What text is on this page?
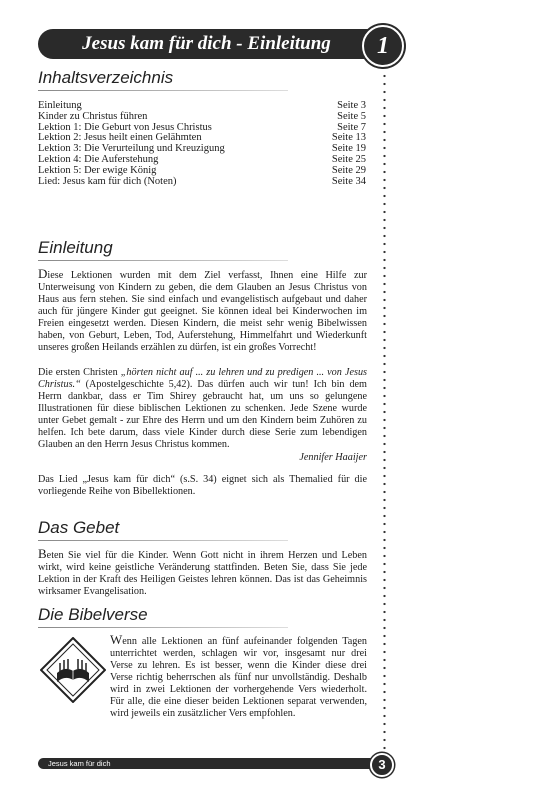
Jesus kam für dich - Einleitung	1
Inhaltsverzeichnis
Einleitung	Seite 3
Kinder zu Christus führen	Seite 5
Lektion 1: Die Geburt von Jesus Christus	Seite 7
Lektion 2: Jesus heilt einen Gelähmten	Seite 13
Lektion 3: Die Verurteilung und Kreuzigung	Seite 19
Lektion 4: Die Auferstehung	Seite 25
Lektion 5: Der ewige König	Seite 29
Lied: Jesus kam für dich (Noten)	Seite 34
Einleitung
Diese Lektionen wurden mit dem Ziel verfasst, Ihnen eine Hilfe zur Unterweisung von Kindern zu geben, die dem Glauben an Jesus Christus von Haus aus fern stehen. Sie sind einfach und evangelistisch aufgebaut und daher auch für jüngere Kinder gut geeignet. Sie können ideal bei Kinderwochen im Freien eingesetzt werden. Diesen Kindern, die meist sehr wenig Bibelwissen haben, von Geburt, Leben, Tod, Auferstehung, Himmelfahrt und Wiederkunft unseres großen Heilands erzählen zu dürfen, ist ein großes Vorrecht!
Die ersten Christen „hörten nicht auf ... zu lehren und zu predigen ... von Jesus Christus.“ (Apostelgeschichte 5,42). Das dürfen auch wir tun! Ich bin dem Herrn dankbar, dass er Tim Shirey gebraucht hat, um uns so gelungene Illustrationen für diese biblischen Lektionen zu schenken. Jede Szene wurde unter Gebet gemalt - zur Ehre des Herrn und um den Kindern beim Zuhören zu helfen. Ich bete darum, dass viele Kinder durch diese Serie zum lebendigen Glauben an den Herrn Jesus Christus kommen.
Jennifer Haaijer
Das Lied „Jesus kam für dich“ (s.S. 34) eignet sich als Themalied für die vorliegende Reihe von Bibellektionen.
Das Gebet
Beten Sie viel für die Kinder. Wenn Gott nicht in ihrem Herzen und Leben wirkt, wird keine geistliche Veränderung stattfinden. Beten Sie, dass Sie jede Lektion in der Kraft des Heiligen Geistes lehren können. Das ist das Geheimnis wirksamer Evangelisation.
Die Bibelverse
Wenn alle Lektionen an fünf aufeinander folgenden Tagen unterrichtet werden, schlagen wir vor, insgesamt nur drei Verse zu lehren. Es ist besser, wenn die Kinder diese drei Verse richtig beherrschen als fünf nur unvollständig. Deshalb wird in zwei Lektionen der vorhergehende Vers wiederholt. Für alle, die eine dieser beiden Lektionen separat verwenden, wird jeweils ein zusätzlicher Vers empfohlen.
Jesus kam für dich	3
